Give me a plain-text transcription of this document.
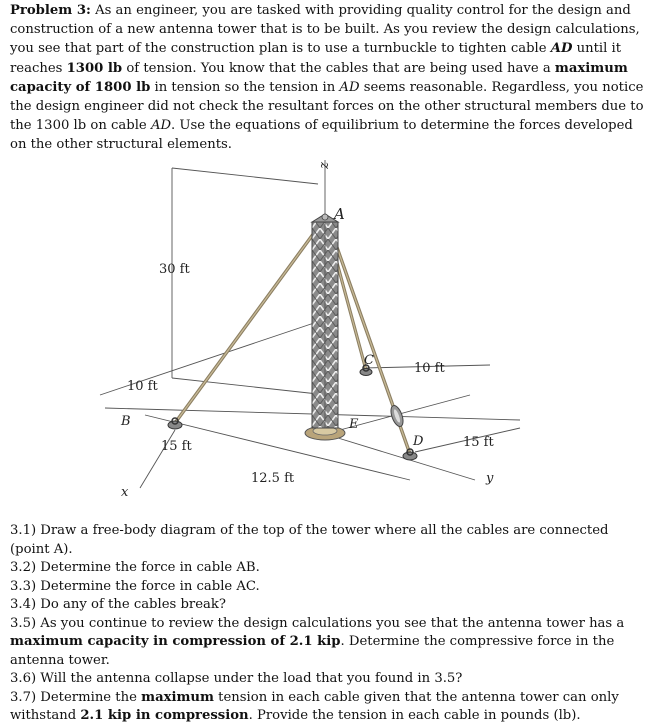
Problem 3: As an engineer, you are tasked with providing quality control for the design and construction of a new antenna tower that is to be built. As you review the design calculations, you see that part of the construction plan is to use a turnbuckle to tighten cable AD until it reaches 1300 lb of tension. You know that the cables that are being used have a maximum capacity of 1800 lb in tension so the tension in AD seems reasonable. Regardless, you notice the design engineer did not check the resultant forces on the other structural members due to the 1300 lb on cable AD. Use the equations of equilibrium to determine the forces developed on the other structural elements.

z
A
30 ft
10 ft
B
15 ft
12.5 ft
x
C
10 ft
E
D	15 ft
y

3.1) Draw a free-body diagram of the top of the tower where all the cables are connected (point A).

3.2) Determine the force in cable AB.

3.3) Determine the force in cable AC.

3.4) Do any of the cables break?

3.5) As you continue to review the design calculations you see that the antenna tower has a maximum capacity in compression of 2.1 kip. Determine the compressive force in the antenna tower.

3.6) Will the antenna collapse under the load that you found in 3.5?

3.7) Determine the maximum tension in each cable given that the antenna tower can only withstand 2.1 kip in compression. Provide the tension in each cable in pounds (lb).
